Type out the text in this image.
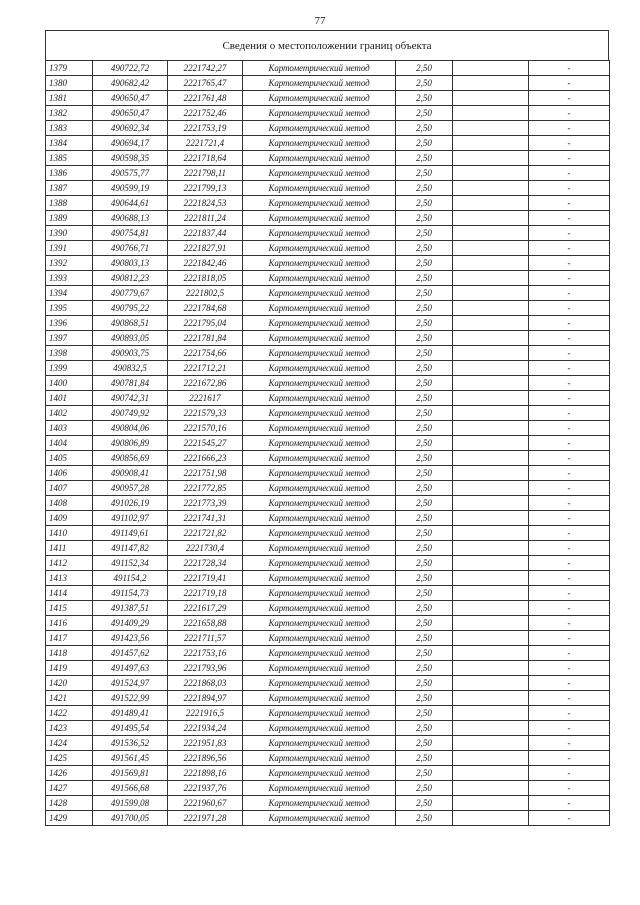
77
Сведения о местоположении границ объекта
1379	490722,72	2221742,27	Картометрический метод	2,50		-
1380	490682,42	2221765,47	Картометрический метод	2,50		-
1381	490650,47	2221761,48	Картометрический метод	2,50		-
1382	490650,47	2221752,46	Картометрический метод	2,50		-
1383	490692,34	2221753,19	Картометрический метод	2,50		-
1384	490694,17	2221721,4	Картометрический метод	2,50		-
1385	490598,35	2221718,64	Картометрический метод	2,50		-
1386	490575,77	2221798,11	Картометрический метод	2,50		-
1387	490599,19	2221799,13	Картометрический метод	2,50		-
1388	490644,61	2221824,53	Картометрический метод	2,50		-
1389	490688,13	2221811,24	Картометрический метод	2,50		-
1390	490754,81	2221837,44	Картометрический метод	2,50		-
1391	490766,71	2221827,91	Картометрический метод	2,50		-
1392	490803,13	2221842,46	Картометрический метод	2,50		-
1393	490812,23	2221818,05	Картометрический метод	2,50		-
1394	490779,67	2221802,5	Картометрический метод	2,50		-
1395	490795,22	2221784,68	Картометрический метод	2,50		-
1396	490868,51	2221795,04	Картометрический метод	2,50		-
1397	490893,05	2221781,84	Картометрический метод	2,50		-
1398	490903,75	2221754,66	Картометрический метод	2,50		-
1399	490832,5	2221712,21	Картометрический метод	2,50		-
1400	490781,84	2221672,86	Картометрический метод	2,50		-
1401	490742,31	2221617	Картометрический метод	2,50		-
1402	490749,92	2221579,33	Картометрический метод	2,50		-
1403	490804,06	2221570,16	Картометрический метод	2,50		-
1404	490806,89	2221545,27	Картометрический метод	2,50		-
1405	490856,69	2221666,23	Картометрический метод	2,50		-
1406	490908,41	2221751,98	Картометрический метод	2,50		-
1407	490957,28	2221772,85	Картометрический метод	2,50		-
1408	491026,19	2221773,39	Картометрический метод	2,50		-
1409	491102,97	2221741,31	Картометрический метод	2,50		-
1410	491149,61	2221721,82	Картометрический метод	2,50		-
1411	491147,82	2221730,4	Картометрический метод	2,50		-
1412	491152,34	2221728,34	Картометрический метод	2,50		-
1413	491154,2	2221719,41	Картометрический метод	2,50		-
1414	491154,73	2221719,18	Картометрический метод	2,50		-
1415	491387,51	2221617,29	Картометрический метод	2,50		-
1416	491409,29	2221658,88	Картометрический метод	2,50		-
1417	491423,56	2221711,57	Картометрический метод	2,50		-
1418	491457,62	2221753,16	Картометрический метод	2,50		-
1419	491497,63	2221793,96	Картометрический метод	2,50		-
1420	491524,97	2221868,03	Картометрический метод	2,50		-
1421	491522,99	2221894,97	Картометрический метод	2,50		-
1422	491489,41	2221916,5	Картометрический метод	2,50		-
1423	491495,54	2221934,24	Картометрический метод	2,50		-
1424	491536,52	2221951,83	Картометрический метод	2,50		-
1425	491561,45	2221896,56	Картометрический метод	2,50		-
1426	491569,81	2221898,16	Картометрический метод	2,50		-
1427	491566,68	2221937,76	Картометрический метод	2,50		-
1428	491599,08	2221960,67	Картометрический метод	2,50		-
1429	491700,05	2221971,28	Картометрический метод	2,50		-
